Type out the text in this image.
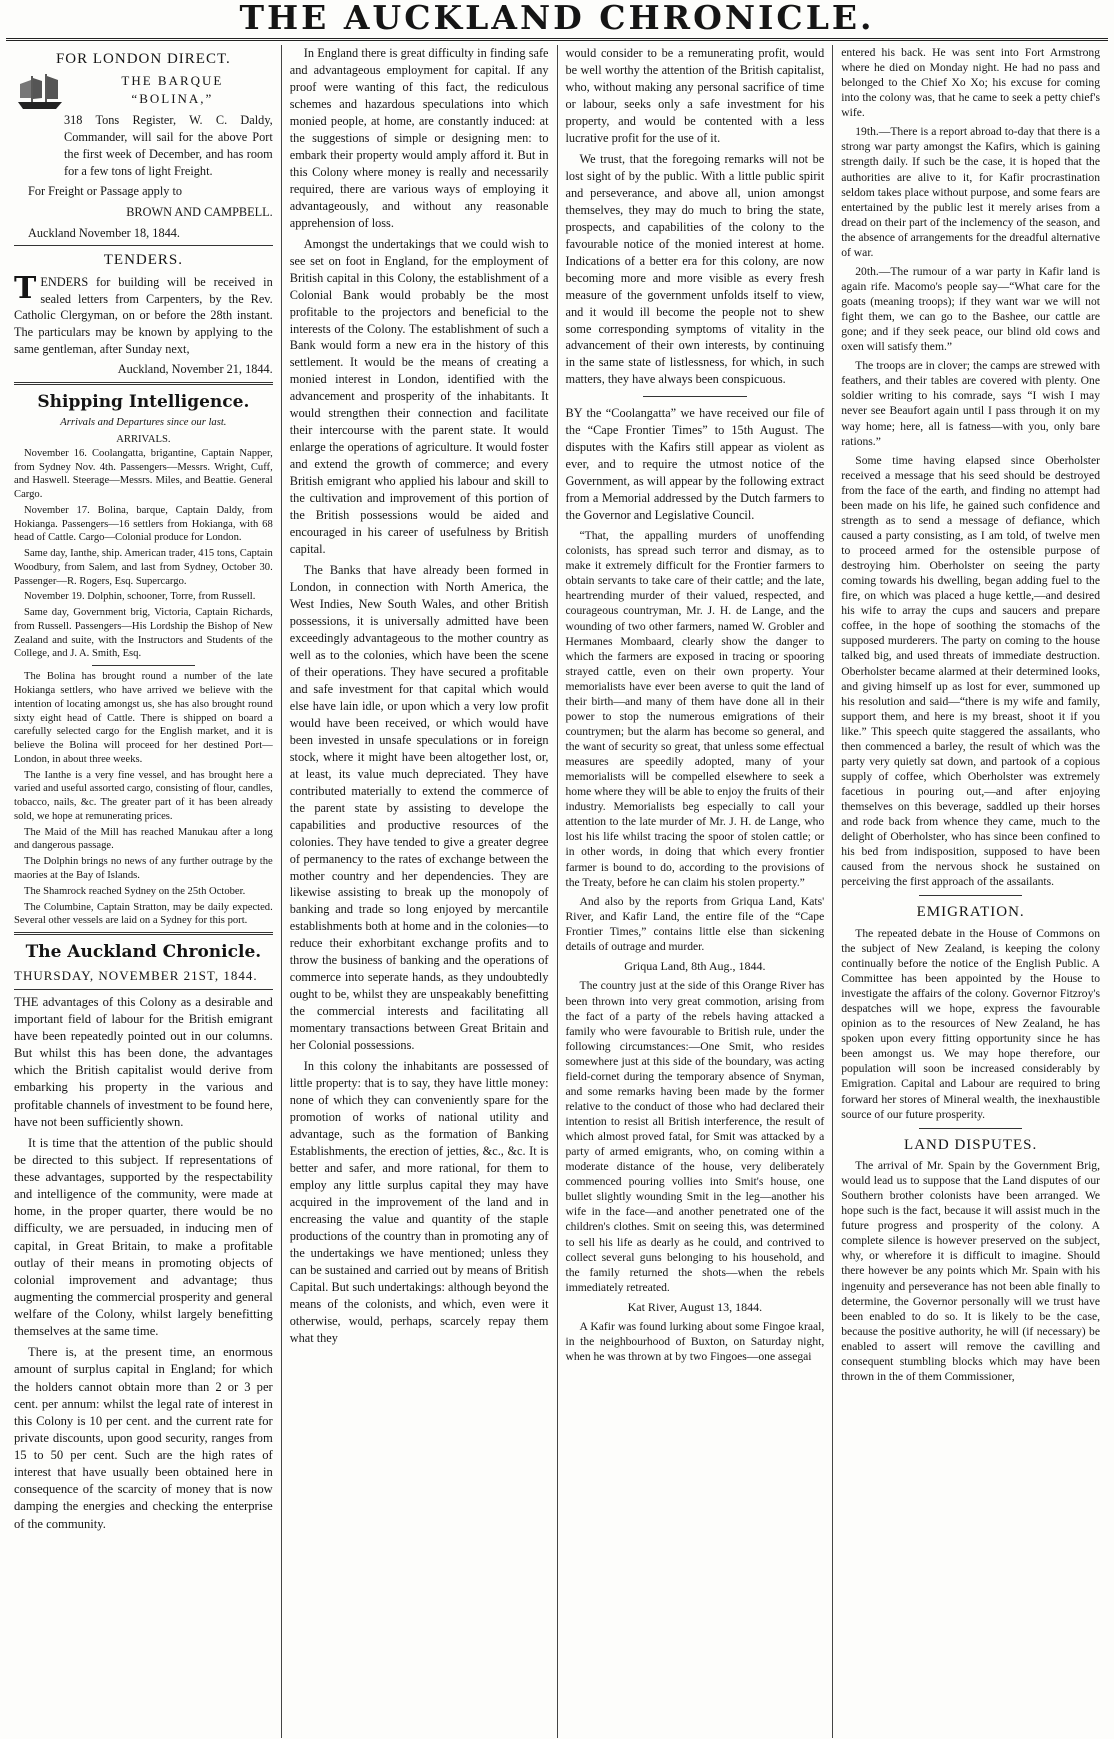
THE AUCKLAND CHRONICLE.
FOR LONDON DIRECT.
THE BARQUE
“BOLINA,”

318 Tons Register, W. C. Daldy, Commander, will sail for the above Port the first week of December, and has room for a few tons of light Freight.

For Freight or Passage apply to

BROWN AND CAMPBELL.

Auckland November 18, 1844.

TENDERS.

TENDERS for building will be received in sealed letters from Carpenters, by the Rev. Catholic Clergyman, on or before the 28th instant. The particulars may be known by applying to the same gentleman, after Sunday next,

Auckland, November 21, 1844.

Shipping Intelligence.
Arrivals and Departures since our last.
ARRIVALS.

November 16. Coolangatta, brigantine, Captain Napper, from Sydney Nov. 4th. Passengers—Messrs. Wright, Cuff, and Haswell. Steerage—Messrs. Miles, and Beattie. General Cargo.

November 17. Bolina, barque, Captain Daldy, from Hokianga. Passengers—16 settlers from Hokianga, with 68 head of Cattle. Cargo—Colonial produce for London.

Same day, Ianthe, ship. American trader, 415 tons, Captain Woodbury, from Salem, and last from Sydney, October 30. Passenger—R. Rogers, Esq. Supercargo.

November 19. Dolphin, schooner, Torre, from Russell.

Same day, Government brig, Victoria, Captain Richards, from Russell. Passengers—His Lordship the Bishop of New Zealand and suite, with the Instructors and Students of the College, and J. A. Smith, Esq.

The Bolina has brought round a number of the late Hokianga settlers, who have arrived we believe with the intention of locating amongst us, she has also brought round sixty eight head of Cattle. There is shipped on board a carefully selected cargo for the English market, and it is believe the Bolina will proceed for her destined Port—London, in about three weeks.

The Ianthe is a very fine vessel, and has brought here a varied and useful assorted cargo, consisting of flour, candles, tobacco, nails, &c. The greater part of it has been already sold, we hope at remunerating prices.

The Maid of the Mill has reached Manukau after a long and dangerous passage.

The Dolphin brings no news of any further outrage by the maories at the Bay of Islands.

The Shamrock reached Sydney on the 25th October.

The Columbine, Captain Stratton, may be daily expected. Several other vessels are laid on a Sydney for this port.

The Auckland Chronicle.
THURSDAY, NOVEMBER 21ST, 1844.

THE advantages of this Colony as a desirable and important field of labour for the British emigrant have been repeatedly pointed out in our columns. But whilst this has been done, the advantages which the British capitalist would derive from embarking his property in the various and profitable channels of investment to be found here, have not been sufficiently shown.

It is time that the attention of the public should be directed to this subject. If representations of these advantages, supported by the respectability and intelligence of the community, were made at home, in the proper quarter, there would be no difficulty, we are persuaded, in inducing men of capital, in Great Britain, to make a profitable outlay of their means in promoting objects of colonial improvement and advantage; thus augmenting the commercial prosperity and general welfare of the Colony, whilst largely benefitting themselves at the same time.

There is, at the present time, an enormous amount of surplus capital in England; for which the holders cannot obtain more than 2 or 3 per cent. per annum: whilst the legal rate of interest in this Colony is 10 per cent. and the current rate for private discounts, upon good security, ranges from 15 to 50 per cent. Such are the high rates of interest that have usually been obtained here in consequence of the scarcity of money that is now damping the energies and checking the enterprise of the community.

In England there is great difficulty in finding safe and advantageous employment for capital. If any proof were wanting of this fact, the rediculous schemes and hazardous speculations into which monied people, at home, are constantly induced: at the suggestions of simple or designing men: to embark their property would amply afford it. But in this Colony where money is really and necessarily required, there are various ways of employing it advantageously, and without any reasonable apprehension of loss.

Amongst the undertakings that we could wish to see set on foot in England, for the employment of British capital in this Colony, the establishment of a Colonial Bank would probably be the most profitable to the projectors and beneficial to the interests of the Colony. The establishment of such a Bank would form a new era in the history of this settlement. It would be the means of creating a monied interest in London, identified with the advancement and prosperity of the inhabitants. It would strengthen their connection and facilitate their intercourse with the parent state. It would enlarge the operations of agriculture. It would foster and extend the growth of commerce; and every British emigrant who applied his labour and skill to the cultivation and improvement of this portion of the British possessions would be aided and encouraged in his career of usefulness by British capital.

The Banks that have already been formed in London, in connection with North America, the West Indies, New South Wales, and other British possessions, it is universally admitted have been exceedingly advantageous to the mother country as well as to the colonies, which have been the scene of their operations. They have secured a profitable and safe investment for that capital which would else have lain idle, or upon which a very low profit would have been received, or which would have been invested in unsafe speculations or in foreign stock, where it might have been altogether lost, or, at least, its value much depreciated. They have contributed materially to extend the commerce of the parent state by assisting to develope the capabilities and productive resources of the colonies. They have tended to give a greater degree of permanency to the rates of exchange between the mother country and her dependencies. They are likewise assisting to break up the monopoly of banking and trade so long enjoyed by mercantile establishments both at home and in the colonies—to reduce their exhorbitant exchange profits and to throw the business of banking and the operations of commerce into seperate hands, as they undoubtedly ought to be, whilst they are unspeakably benefitting the commercial interests and facilitating all momentary transactions between Great Britain and her Colonial possessions.

In this colony the inhabitants are possessed of little property: that is to say, they have little money: none of which they can conveniently spare for the promotion of works of national utility and advantage, such as the formation of Banking Establishments, the erection of jetties, &c., &c. It is better and safer, and more rational, for them to employ any little surplus capital they may have acquired in the improvement of the land and in encreasing the value and quantity of the staple productions of the country than in promoting any of the undertakings we have mentioned; unless they can be sustained and carried out by means of British Capital. But such undertakings: although beyond the means of the colonists, and which, even were it otherwise, would, perhaps, scarcely repay them what they

would consider to be a remunerating profit, would be well worthy the attention of the British capitalist, who, without making any personal sacrifice of time or labour, seeks only a safe investment for his property, and would be contented with a less lucrative profit for the use of it.

We trust, that the foregoing remarks will not be lost sight of by the public. With a little public spirit and perseverance, and above all, union amongst themselves, they may do much to bring the state, prospects, and capabilities of the colony to the favourable notice of the monied interest at home. Indications of a better era for this colony, are now becoming more and more visible as every fresh measure of the government unfolds itself to view, and it would ill become the people not to shew some corresponding symptoms of vitality in the advancement of their own interests, by continuing in the same state of listlessness, for which, in such matters, they have always been conspicuous.

BY the “Coolangatta” we have received our file of the “Cape Frontier Times” to 15th August. The disputes with the Kafirs still appear as violent as ever, and to require the utmost notice of the Government, as will appear by the following extract from a Memorial addressed by the Dutch farmers to the Governor and Legislative Council.

“That, the appalling murders of unoffending colonists, has spread such terror and dismay, as to make it extremely difficult for the Frontier farmers to obtain servants to take care of their cattle; and the late, heartrending murder of their valued, respected, and courageous countryman, Mr. J. H. de Lange, and the wounding of two other farmers, named W. Grobler and Hermanes Mombaard, clearly show the danger to which the farmers are exposed in tracing or spooring strayed cattle, even on their own property. Your memorialists have ever been averse to quit the land of their birth—and many of them have done all in their power to stop the numerous emigrations of their countrymen; but the alarm has become so general, and the want of security so great, that unless some effectual measures are speedily adopted, many of your memorialists will be compelled elsewhere to seek a home where they will be able to enjoy the fruits of their industry. Memorialists beg especially to call your attention to the late murder of Mr. J. H. de Lange, who lost his life whilst tracing the spoor of stolen cattle; or in other words, in doing that which every frontier farmer is bound to do, according to the provisions of the Treaty, before he can claim his stolen property.”

And also by the reports from Griqua Land, Kats' River, and Kafir Land, the entire file of the “Cape Frontier Times,” contains little else than sickening details of outrage and murder.

Griqua Land, 8th Aug., 1844.

The country just at the side of this Orange River has been thrown into very great commotion, arising from the fact of a party of the rebels having attacked a family who were favourable to British rule, under the following circumstances:—One Smit, who resides somewhere just at this side of the boundary, was acting field-cornet during the temporary absence of Snyman, and some remarks having been made by the former relative to the conduct of those who had declared their intention to resist all British interference, the result of which almost proved fatal, for Smit was attacked by a party of armed emigrants, who, on coming within a moderate distance of the house, very deliberately commenced pouring vollies into Smit's house, one bullet slightly wounding Smit in the leg—another his wife in the face—and another penetrated one of the children's clothes. Smit on seeing this, was determined to sell his life as dearly as he could, and contrived to collect several guns belonging to his household, and the family returned the shots—when the rebels immediately retreated.

Kat River, August 13, 1844.

A Kafir was found lurking about some Fingoe kraal, in the neighbourhood of Buxton, on Saturday night, when he was thrown at by two Fingoes—one assegai

entered his back. He was sent into Fort Armstrong where he died on Monday night. He had no pass and belonged to the Chief Xo Xo; his excuse for coming into the colony was, that he came to seek a petty chief's wife.

19th.—There is a report abroad to-day that there is a strong war party amongst the Kafirs, which is gaining strength daily. If such be the case, it is hoped that the authorities are alive to it, for Kafir procrastination seldom takes place without purpose, and some fears are entertained by the public lest it merely arises from a dread on their part of the inclemency of the season, and the absence of arrangements for the dreadful alternative of war.

20th.—The rumour of a war party in Kafir land is again rife. Macomo's people say—“What care for the goats (meaning troops); if they want war we will not fight them, we can go to the Bashee, our cattle are gone; and if they seek peace, our blind old cows and oxen will satisfy them.”

The troops are in clover; the camps are strewed with feathers, and their tables are covered with plenty. One soldier writing to his comrade, says “I wish I may never see Beaufort again until I pass through it on my way home; here, all is fatness—with you, only bare rations.”

Some time having elapsed since Oberholster received a message that his seed should be destroyed from the face of the earth, and finding no attempt had been made on his life, he gained such confidence and strength as to send a message of defiance, which caused a party consisting, as I am told, of twelve men to proceed armed for the ostensible purpose of destroying him. Oberholster on seeing the party coming towards his dwelling, began adding fuel to the fire, on which was placed a huge kettle,—and desired his wife to array the cups and saucers and prepare coffee, in the hope of soothing the stomachs of the supposed murderers. The party on coming to the house talked big, and used threats of immediate destruction. Oberholster became alarmed at their determined looks, and giving himself up as lost for ever, summoned up his resolution and said—“there is my wife and family, support them, and here is my breast, shoot it if you like.” This speech quite staggered the assailants, who then commenced a barley, the result of which was the party very quietly sat down, and partook of a copious supply of coffee, which Oberholster was extremely facetious in pouring out,—and after enjoying themselves on this beverage, saddled up their horses and rode back from whence they came, much to the delight of Oberholster, who has since been confined to his bed from indisposition, supposed to have been caused from the nervous shock he sustained on perceiving the first approach of the assailants.

EMIGRATION.

The repeated debate in the House of Commons on the subject of New Zealand, is keeping the colony continually before the notice of the English Public. A Committee has been appointed by the House to investigate the affairs of the colony. Governor Fitzroy's despatches will we hope, express the favourable opinion as to the resources of New Zealand, he has spoken upon every fitting opportunity since he has been amongst us. We may hope therefore, our population will soon be increased considerably by Emigration. Capital and Labour are required to bring forward her stores of Mineral wealth, the inexhaustible source of our future prosperity.

LAND DISPUTES.

The arrival of Mr. Spain by the Government Brig, would lead us to suppose that the Land disputes of our Southern brother colonists have been arranged. We hope such is the fact, because it will assist much in the future progress and prosperity of the colony. A complete silence is however preserved on the subject, why, or wherefore it is difficult to imagine. Should there however be any points which Mr. Spain with his ingenuity and perseverance has not been able finally to determine, the Governor personally will we trust have been enabled to do so. It is likely to be the case, because the positive authority, he will (if necessary) be enabled to assert will remove the cavilling and consequent stumbling blocks which may have been thrown in the of them Commissioner,
